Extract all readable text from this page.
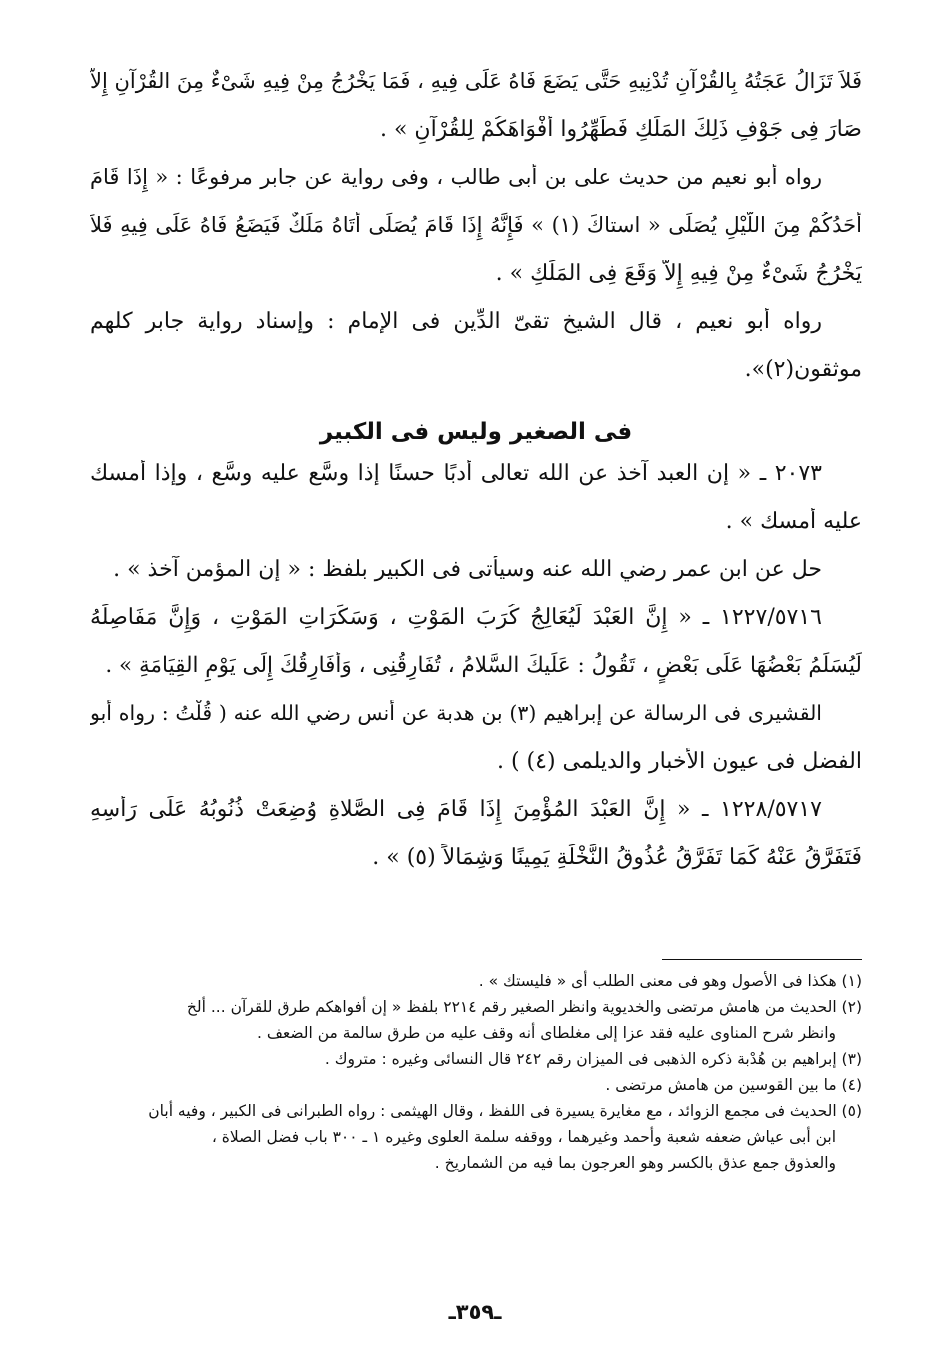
فَلاَ تَزَالُ عَجَتُهُ بِالقُرْآنِ تُدْنِيهِ حَتَّى يَضَعَ فَاهُ عَلَى فِيهِ ، فَمَا يَخْرُجُ مِنْ فِيهِ شَىْءٌ مِنَ القُرْآنِ إِلاَّ
صَارَ فِى جَوْفِ ذَلِكَ المَلَكِ فَطَهِّرُوا أَفْوَاهَكُمْ لِلقُرْآنِ » .
رواه أبو نعيم من حديث على بن أبى طالب ، وفى رواية عن جابر مرفوعًا : « إِذَا قَامَ
أَحَدُكُمْ مِنَ اللَّيْلِ يُصَلِّى « استاكَ (١) » فَإِنَّهُ إِذَا قَامَ يُصَلِّى أَتَاهُ مَلَكٌ فَيَضَعُ فَاهُ عَلَى فِيهِ فَلاَ
يَخْرُجُ شَىْءٌ مِنْ فِيهِ إِلاَّ وَقَعَ فِى المَلَكِ » .
رواه أبو نعيم ، قال الشيخ تقىّ الدِّين فى الإمام : وإسناد رواية جابر كلهم
موثقون(٢)».
فى الصغير وليس فى الكبير
٢٠٧٣ ـ « إن العبد آخذ عن الله تعالى أدبًا حسنًا إذا وسَّع عليه وسَّع ، وإذا أمسك
عليه أمسك » .
حل عن ابن عمر رضي الله عنه وسيأتى فى الكبير بلفظ : « إن المؤمن آخذ » .
١٢٢٧/٥٧١٦ ـ « إِنَّ العَبْدَ لَيُعَالِجُ كُرَبَ المَوْتِ ، وَسَكَرَاتِ المَوْتِ ، وَإِنَّ مَفَاصِلَهُ
لَيُسَلِّمُ بَعْضُهَا عَلَى بَعْضٍ ، تَقُولُ : عَلَيكَ السَّلامُ ، تُفَارِقُنِى ، وَأُفَارِقُكَ إِلَى يَوْمِ القِيَامَةِ » .
القشيرى فى الرسالة عن إبراهيم (٣) بن هدبة عن أنس رضي الله عنه ( قُلْتُ : رواه أبو
الفضل فى عيون الأخبار والديلمى (٤) ) .
١٢٢٨/٥٧١٧ ـ « إِنَّ العَبْدَ المُؤْمِنَ إِذَا قَامَ فِى الصَّلاةِ وُضِعَتْ ذُنُوبُهُ عَلَى رَأْسِهِ
فَتَفَرَّقُ عَنْهُ كَمَا تَفَرَّقُ عُذُوقُ النَّخْلَةِ يَمِينًا وَشِمَالاً (٥) » .
(١) هكذا فى الأصول وهو فى معنى الطلب أى « فليستك » .
(٢) الحديث من هامش مرتضى والخديوية وانظر الصغير رقم ٢٢١٤ بلفظ « إن أفواهكم طرق للقرآن ... ألخ
وانظر شرح المناوى عليه فقد عزا إلى مغلطاى أنه وقف عليه من طرق سالمة من الضعف .
(٣) إبراهيم بن هُدْبة ذكره الذهبى فى الميزان رقم ٢٤٢ قال النسائى وغيره : متروك .
(٤) ما بين القوسين من هامش مرتضى .
(٥) الحديث فى مجمع الزوائد ، مع مغايرة يسيرة فى اللفظ ، وقال الهيثمى : رواه الطبرانى فى الكبير ، وفيه أبان
ابن أبى عياش ضعفه شعبة وأحمد وغيرهما ، ووقفه سلمة العلوى وغيره ١ ـ ٣٠٠ باب فضل الصلاة ،
والعذوق جمع عذق بالكسر وهو العرجون بما فيه من الشماريخ .
ـ٣٥٩ـ
